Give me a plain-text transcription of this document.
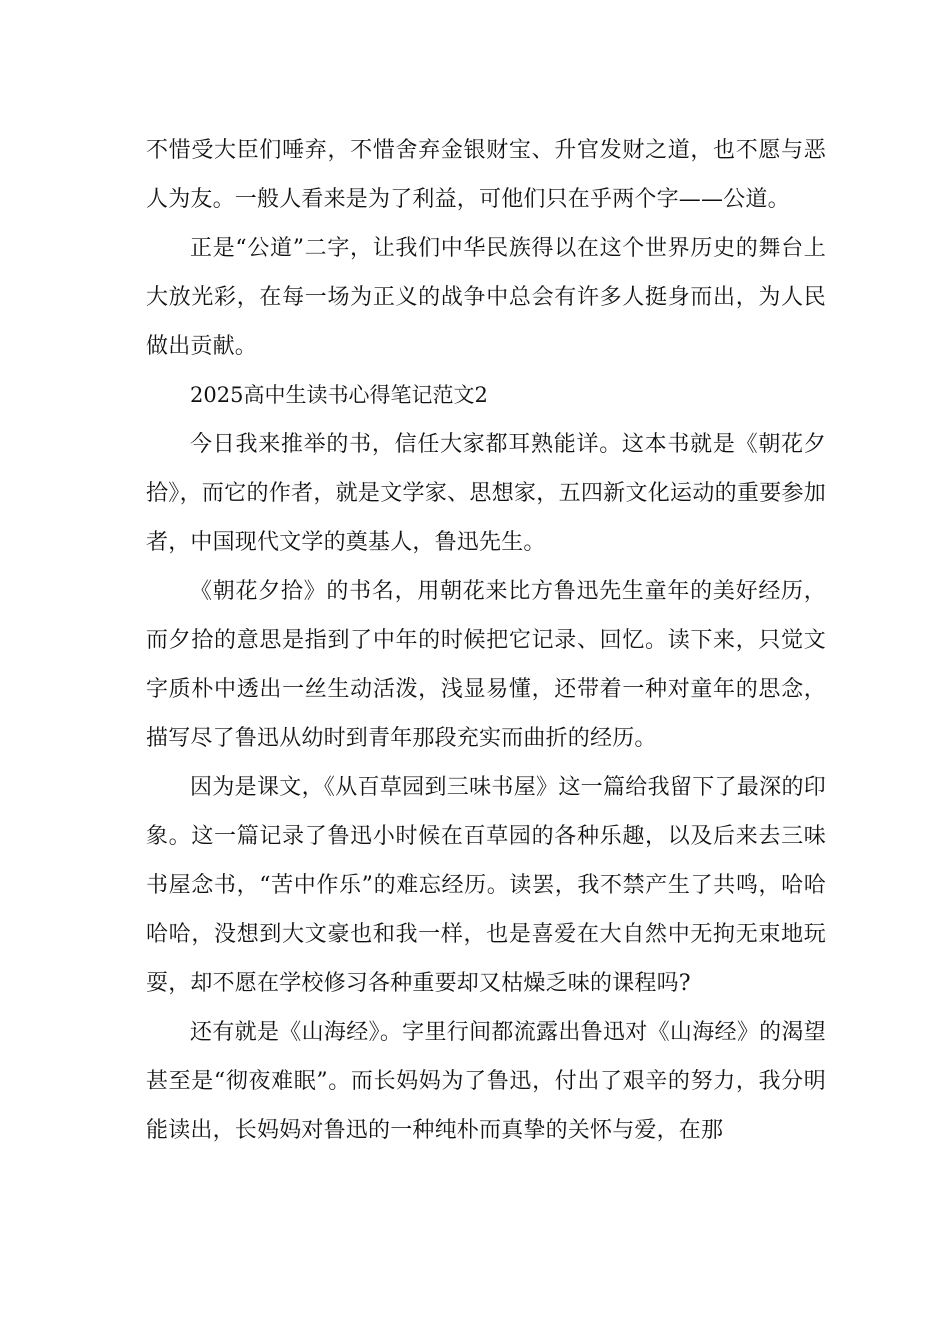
不惜受大臣们唾弃，不惜舍弃金银财宝、升官发财之道，也不愿与恶人为友。一般人看来是为了利益，可他们只在乎两个字——公道。

正是“公道”二字，让我们中华民族得以在这个世界历史的舞台上大放光彩，在每一场为正义的战争中总会有许多人挺身而出，为人民做出贡献。

2025高中生读书心得笔记范文2

今日我来推举的书，信任大家都耳熟能详。这本书就是《朝花夕拾》，而它的作者，就是文学家、思想家，五四新文化运动的重要参加者，中国现代文学的奠基人，鲁迅先生。

《朝花夕拾》的书名，用朝花来比方鲁迅先生童年的美好经历，而夕拾的意思是指到了中年的时候把它记录、回忆。读下来，只觉文字质朴中透出一丝生动活泼，浅显易懂，还带着一种对童年的思念，描写尽了鲁迅从幼时到青年那段充实而曲折的经历。

因为是课文，《从百草园到三味书屋》这一篇给我留下了最深的印象。这一篇记录了鲁迅小时候在百草园的各种乐趣，以及后来去三味书屋念书，“苦中作乐”的难忘经历。读罢，我不禁产生了共鸣，哈哈哈哈，没想到大文豪也和我一样，也是喜爱在大自然中无拘无束地玩耍，却不愿在学校修习各种重要却又枯燥乏味的课程吗?

还有就是《山海经》。字里行间都流露出鲁迅对《山海经》的渴望甚至是“彻夜难眠”。而长妈妈为了鲁迅，付出了艰辛的努力，我分明能读出，长妈妈对鲁迅的一种纯朴而真挚的关怀与爱，在那
